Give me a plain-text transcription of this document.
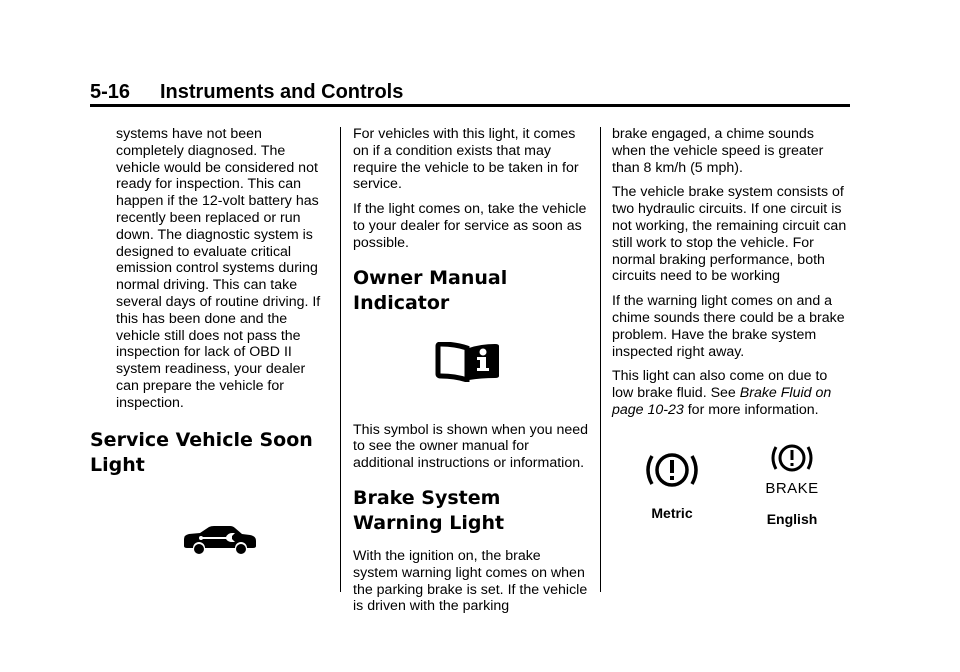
5-16 Instruments and Controls

systems have not been completely diagnosed. The vehicle would be considered not ready for inspection. This can happen if the 12-volt battery has recently been replaced or run down. The diagnostic system is designed to evaluate critical emission control systems during normal driving. This can take several days of routine driving. If this has been done and the vehicle still does not pass the inspection for lack of OBD II system readiness, your dealer can prepare the vehicle for inspection.

Service Vehicle Soon Light

For vehicles with this light, it comes on if a condition exists that may require the vehicle to be taken in for service.

If the light comes on, take the vehicle to your dealer for service as soon as possible.

Owner Manual Indicator

This symbol is shown when you need to see the owner manual for additional instructions or information.

Brake System Warning Light

With the ignition on, the brake system warning light comes on when the parking brake is set. If the vehicle is driven with the parking

brake engaged, a chime sounds when the vehicle speed is greater than 8 km/h (5 mph).

The vehicle brake system consists of two hydraulic circuits. If one circuit is not working, the remaining circuit can still work to stop the vehicle. For normal braking performance, both circuits need to be working

If the warning light comes on and a chime sounds there could be a brake problem. Have the brake system inspected right away.

This light can also come on due to low brake fluid. See Brake Fluid on page 10-23 for more information.

Metric
BRAKE
English
